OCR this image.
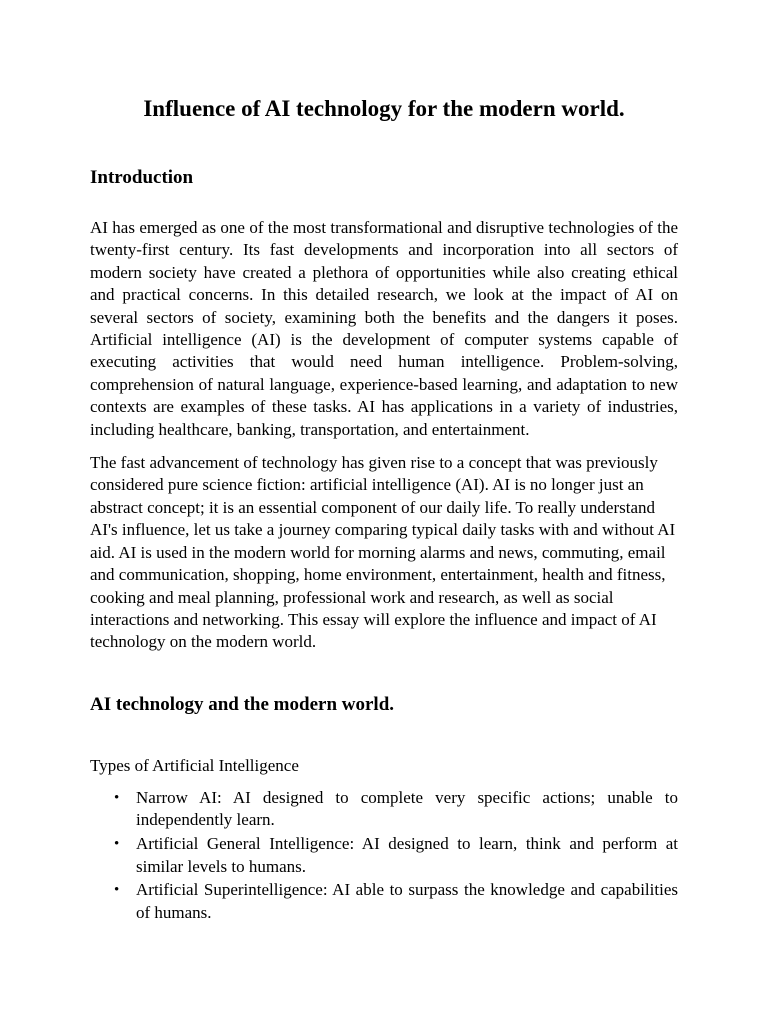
Influence of AI technology for the modern world.
Introduction

AI has emerged as one of the most transformational and disruptive technologies of the twenty-first century. Its fast developments and incorporation into all sectors of modern society have created a plethora of opportunities while also creating ethical and practical concerns. In this detailed research, we look at the impact of AI on several sectors of society, examining both the benefits and the dangers it poses. Artificial intelligence (AI) is the development of computer systems capable of executing activities that would need human intelligence. Problem-solving, comprehension of natural language, experience-based learning, and adaptation to new contexts are examples of these tasks. AI has applications in a variety of industries, including healthcare, banking, transportation, and entertainment.

The fast advancement of technology has given rise to a concept that was previously considered pure science fiction: artificial intelligence (AI). AI is no longer just an abstract concept; it is an essential component of our daily life. To really understand AI's influence, let us take a journey comparing typical daily tasks with and without AI aid. AI is used in the modern world for morning alarms and news, commuting, email and communication, shopping, home environment, entertainment, health and fitness, cooking and meal planning, professional work and research, as well as social interactions and networking. This essay will explore the influence and impact of AI technology on the modern world.

AI technology and the modern world.

Types of Artificial Intelligence

• Narrow AI: AI designed to complete very specific actions; unable to independently learn.
• Artificial General Intelligence: AI designed to learn, think and perform at similar levels to humans.
• Artificial Superintelligence: AI able to surpass the knowledge and capabilities of humans.
